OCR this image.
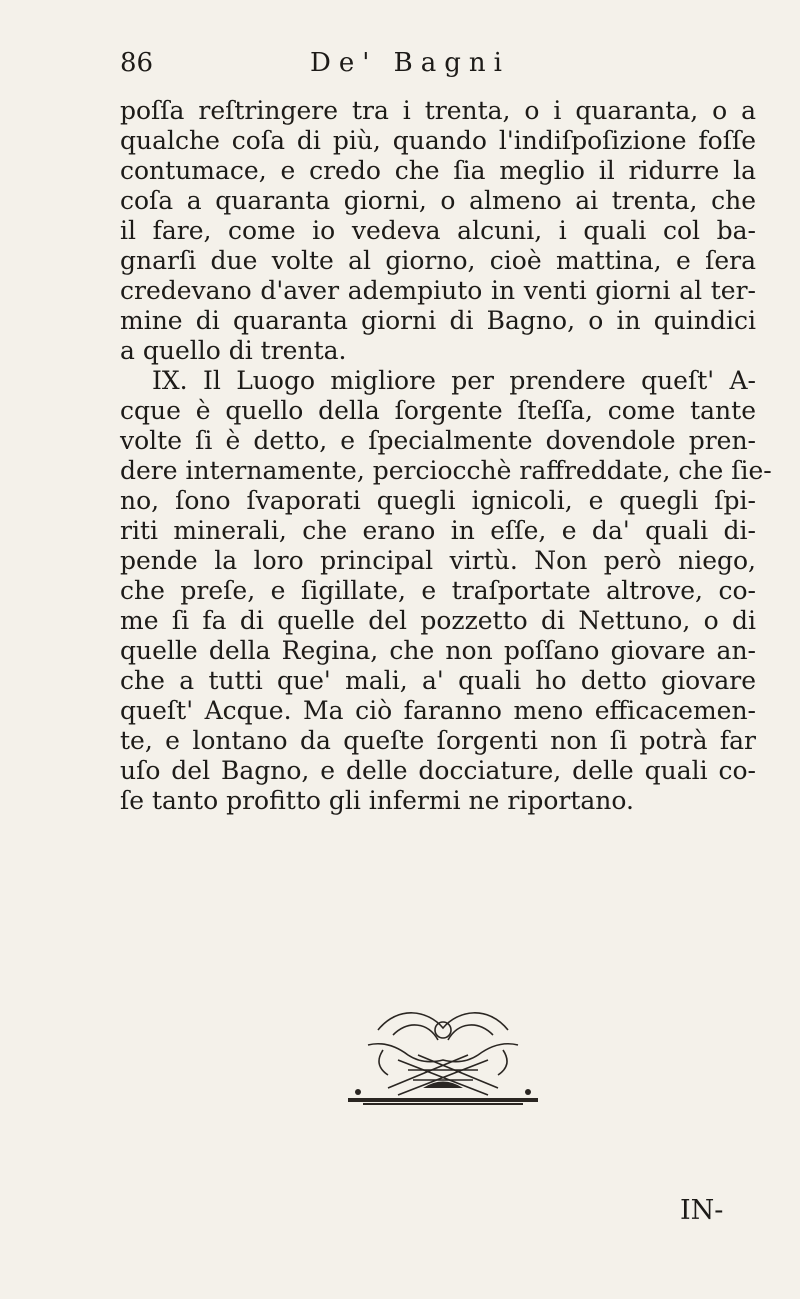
86	De' Bagni
poſſa reſtringere tra i trenta, o i quaranta, o a
qualche coſa di più, quando l'indiſpoſizione foſſe
contumace, e credo che ſia meglio il ridurre la
coſa a quaranta giorni, o almeno ai trenta, che
il fare, come io vedeva alcuni, i quali col ba-
gnarſi due volte al giorno, cioè mattina, e ſera
credevano d'aver adempiuto in venti giorni al ter-
mine di quaranta giorni di Bagno, o in quindici
a quello di trenta.
IX. Il Luogo migliore per prendere queſt' A-
cque è quello della ſorgente ſteſſa, come tante
volte ſi è detto, e ſpecialmente dovendole pren-
dere internamente, perciocchè raffreddate, che ſie-
no, ſono ſvaporati quegli ignicoli, e quegli ſpi-
riti minerali, che erano in eſſe, e da' quali di-
pende la loro principal virtù. Non però niego,
che preſe, e ſigillate, e traſportate altrove, co-
me ſi fa di quelle del pozzetto di Nettuno, o di
quelle della Regina, che non poſſano giovare an-
che a tutti que' mali, a' quali ho detto giovare
queſt' Acque. Ma ciò faranno meno efficacemen-
te, e lontano da queſte ſorgenti non ſi potrà far
uſo del Bagno, e delle docciature, delle quali co-
ſe tanto profitto gli infermi ne riportano.
IN-
